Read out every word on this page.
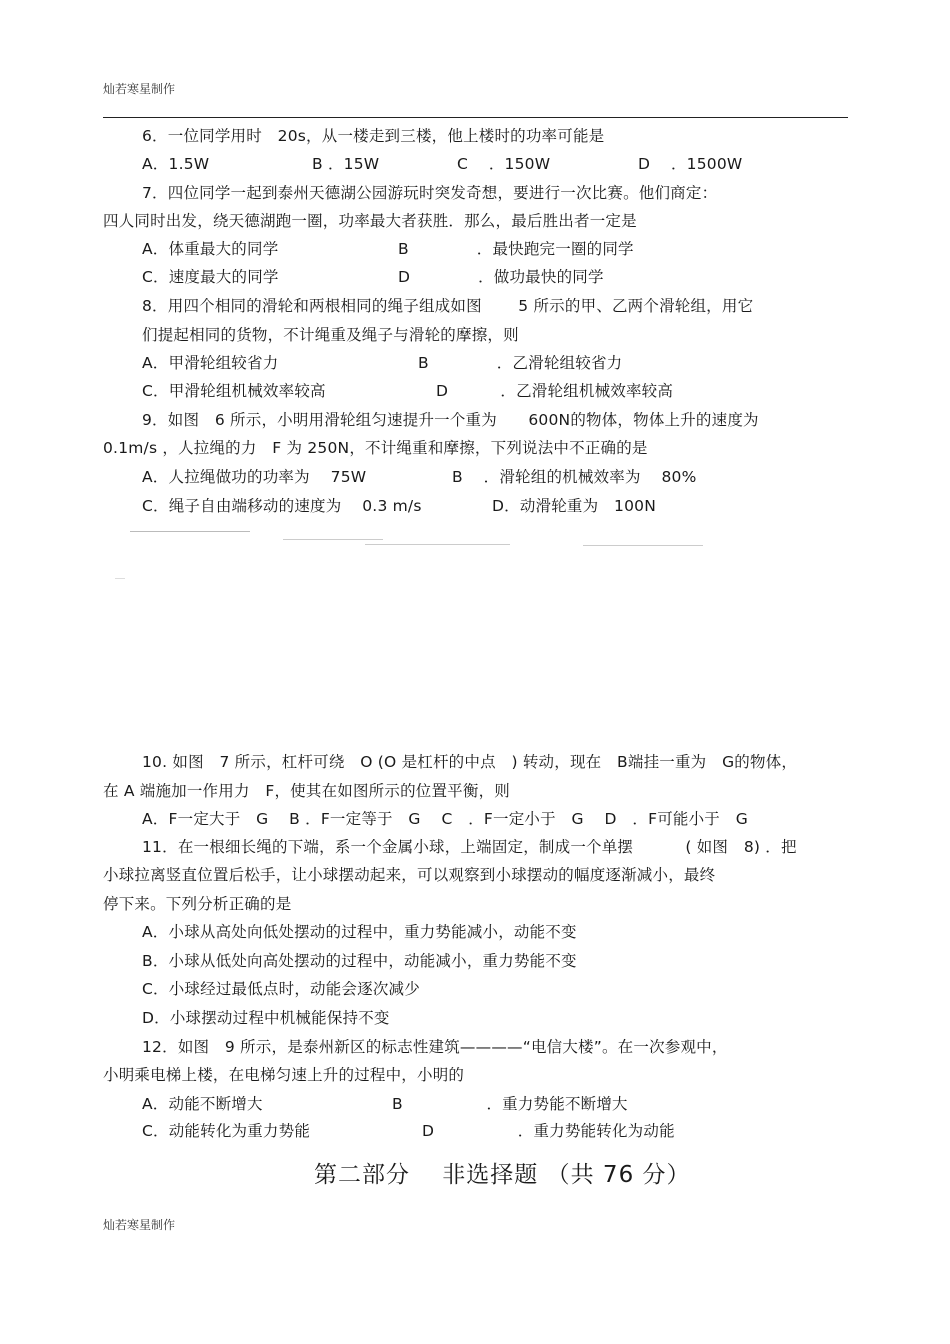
灿若寒星制作
6．一位同学用时　20s，从一楼走到三楼，他上楼时的功率可能是
A．1.5W	B ．15W	C　 ．150W	D　 ．1500W
7．四位同学一起到泰州天德湖公园游玩时突发奇想，要进行一次比赛。他们商定：
四人同时出发，绕天德湖跑一圈，功率最大者获胜．那么，最后胜出者一定是
A．体重最大的同学	B　　　　 ．最快跑完一圈的同学
C．速度最大的同学	D　　　　 ．做功最快的同学
8．用四个相同的滑轮和两根相同的绳子组成如图　　 5 所示的甲、乙两个滑轮组，用它
们提起相同的货物，不计绳重及绳子与滑轮的摩擦，则
A．甲滑轮组较省力	B　　　　 ．乙滑轮组较省力
C．甲滑轮组机械效率较高	D　　　 ．乙滑轮组机械效率较高
9．如图　6 所示，小明用滑轮组匀速提升一个重为　　600N的物体，物体上升的速度为
0.1m/s ，人拉绳的力　F 为 250N，不计绳重和摩擦，下列说法中不正确的是
A．人拉绳做功的功率为　 75W	B　 ．滑轮组的机械效率为　 80%
C．绳子自由端移动的速度为　 0.3 m/s	D．动滑轮重为　100N
10. 如图　7 所示，杠杆可绕　O (O 是杠杆的中点　) 转动，现在　B端挂一重为　G的物体，
在 A 端施加一作用力　F，使其在如图所示的位置平衡，则
A．F一定大于　G　 B ．F一定等于　G　 C　．F一定小于　G　 D　．F可能小于　G
11．在一根细长绳的下端，系一个金属小球，上端固定，制成一个单摆　　　 ( 如图　8) ．把
小球拉离竖直位置后松手，让小球摆动起来，可以观察到小球摆动的幅度逐渐减小，最终
停下来。下列分析正确的是
A．小球从高处向低处摆动的过程中，重力势能减小，动能不变
B．小球从低处向高处摆动的过程中，动能减小，重力势能不变
C．小球经过最低点时，动能会逐次减少
D．小球摆动过程中机械能保持不变
12．如图　9 所示，是泰州新区的标志性建筑————“电信大楼”。在一次参观中，
小明乘电梯上楼，在电梯匀速上升的过程中，小明的
A．动能不断增大	B　　　　　 ．重力势能不断增大
C．动能转化为重力势能	D　　　　　 ．重力势能转化为动能
第二部分　 非选择题 （共 76 分）
灿若寒星制作
